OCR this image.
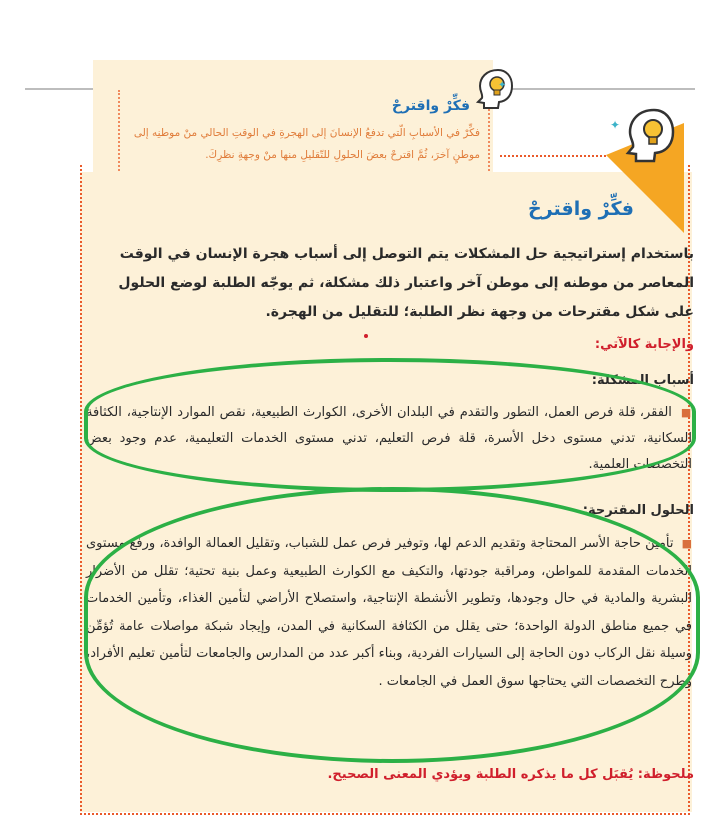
فكِّرْ واقترحْ

فكِّرْ في الأسبابِ الّتي تدفعُ الإنسانَ إلى الهجرةِ في الوقتِ الحالي منْ موطنِه إلى موطنٍ آخرَ، ثُمَّ اقترحْ بعضَ الحلولِ للتّقليلِ منها منْ وجهةِ نظرِكَ.

✦
✦

فكِّرْ واقترحْ

باستخدام إستراتيجية حل المشكلات يتم التوصل إلى أسباب هجرة الإنسان في الوقت المعاصر من موطنه إلى موطن آخر واعتبار ذلك مشكلة، ثم يوجّه الطلبة لوضع الحلول على شكل مقترحات من وجهة نظر الطلبة؛ للتقليل من الهجرة.

والإجابة كالآتي:

أسباب المشكلة:

■ الفقر، قلة فرص العمل، التطور والتقدم في البلدان الأخرى، الكوارث الطبيعية، نقص الموارد الإنتاجية، الكثافة السكانية، تدني مستوى دخل الأسرة، قلة فرص التعليم، تدني مستوى الخدمات التعليمية، عدم وجود بعض التخصصات العلمية.

الحلول المقترحة:

■ تأمين حاجة الأسر المحتاجة وتقديم الدعم لها، وتوفير فرص عمل للشباب، وتقليل العمالة الوافدة، ورفع مستوى الخدمات المقدمة للمواطن، ومراقبة جودتها، والتكيف مع الكوارث الطبيعية وعمل بنية تحتية؛ تقلل من الأضرار البشرية والمادية في حال وجودها، وتطوير الأنشطة الإنتاجية، واستصلاح الأراضي لتأمين الغذاء، وتأمين الخدمات في جميع مناطق الدولة الواحدة؛ حتى يقلل من الكثافة السكانية في المدن، وإيجاد شبكة مواصلات عامة تُؤمِّن وسيلة نقل الركاب دون الحاجة إلى السيارات الفردية، وبناء أكبر عدد من المدارس والجامعات لتأمين تعليم الأفراد، وطرح التخصصات التي يحتاجها سوق العمل في الجامعات .

ملحوظة: يُقبَل كل ما يذكره الطلبة ويؤدي المعنى الصحيح.
